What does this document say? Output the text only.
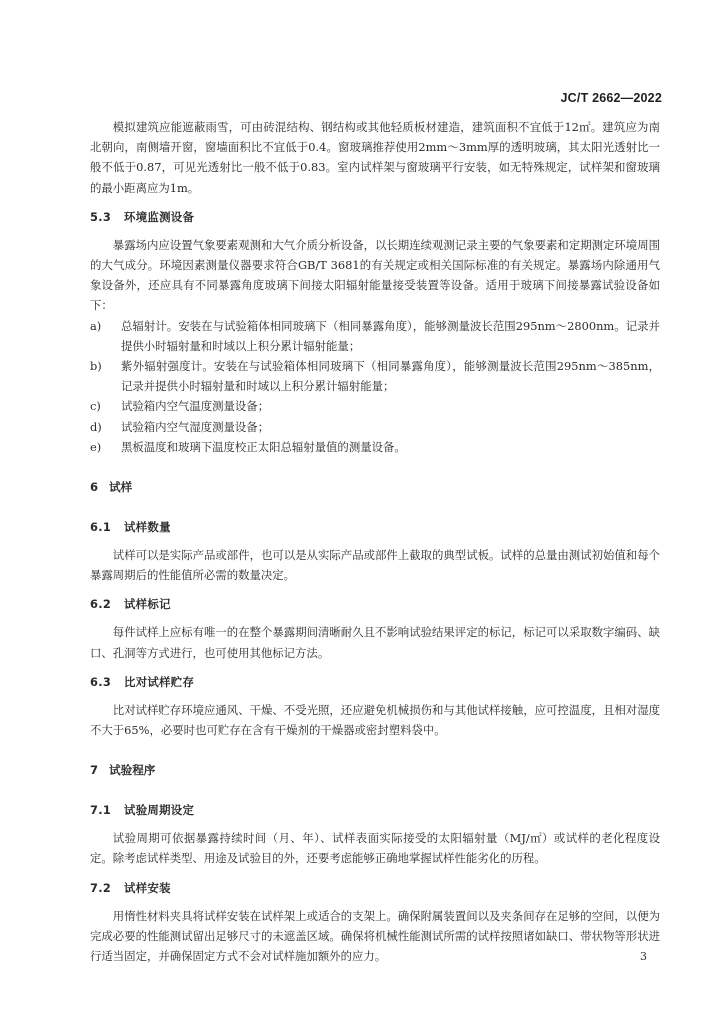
JC/T 2662—2022

模拟建筑应能遮蔽雨雪，可由砖混结构、钢结构或其他轻质板材建造，建筑面积不宜低于12㎡。建筑应为南北朝向，南侧墙开窗，窗墙面积比不宜低于0.4。窗玻璃推荐使用2mm～3mm厚的透明玻璃，其太阳光透射比一般不低于0.87，可见光透射比一般不低于0.83。室内试样架与窗玻璃平行安装，如无特殊规定，试样架和窗玻璃的最小距离应为1m。

5.3 环境监测设备

暴露场内应设置气象要素观测和大气介质分析设备，以长期连续观测记录主要的气象要素和定期测定环境周围的大气成分。环境因素测量仪器要求符合GB/T 3681的有关规定或相关国际标准的有关规定。暴露场内除通用气象设备外，还应具有不同暴露角度玻璃下间接太阳辐射能量接受装置等设备。适用于玻璃下间接暴露试验设备如下：

a) 总辐射计。安装在与试验箱体相同玻璃下（相同暴露角度），能够测量波长范围295nm～2800nm。记录并提供小时辐射量和时域以上积分累计辐射能量；
b) 紫外辐射强度计。安装在与试验箱体相同玻璃下（相同暴露角度），能够测量波长范围295nm～385nm，记录并提供小时辐射量和时域以上积分累计辐射能量；
c) 试验箱内空气温度测量设备；
d) 试验箱内空气湿度测量设备；
e) 黑板温度和玻璃下温度校正太阳总辐射量值的测量设备。
6 试样
6.1 试样数量

试样可以是实际产品或部件，也可以是从实际产品或部件上截取的典型试板。试样的总量由测试初始值和每个暴露周期后的性能值所必需的数量决定。

6.2 试样标记

每件试样上应标有唯一的在整个暴露期间清晰耐久且不影响试验结果评定的标记，标记可以采取数字编码、缺口、孔洞等方式进行，也可使用其他标记方法。

6.3 比对试样贮存

比对试样贮存环境应通风、干燥、不受光照，还应避免机械损伤和与其他试样接触，应可控温度，且相对湿度不大于65%，必要时也可贮存在含有干燥剂的干燥器或密封塑料袋中。

7 试验程序
7.1 试验周期设定

试验周期可依据暴露持续时间（月、年）、试样表面实际接受的太阳辐射量（MJ/㎡）或试样的老化程度设定。除考虑试样类型、用途及试验目的外，还要考虑能够正确地掌握试样性能劣化的历程。

7.2 试样安装

用惰性材料夹具将试样安装在试样架上或适合的支架上。确保附属装置间以及夹条间存在足够的空间，以便为完成必要的性能测试留出足够尺寸的未遮盖区域。确保将机械性能测试所需的试样按照诸如缺口、带状物等形状进行适当固定，并确保固定方式不会对试样施加额外的应力。	3
